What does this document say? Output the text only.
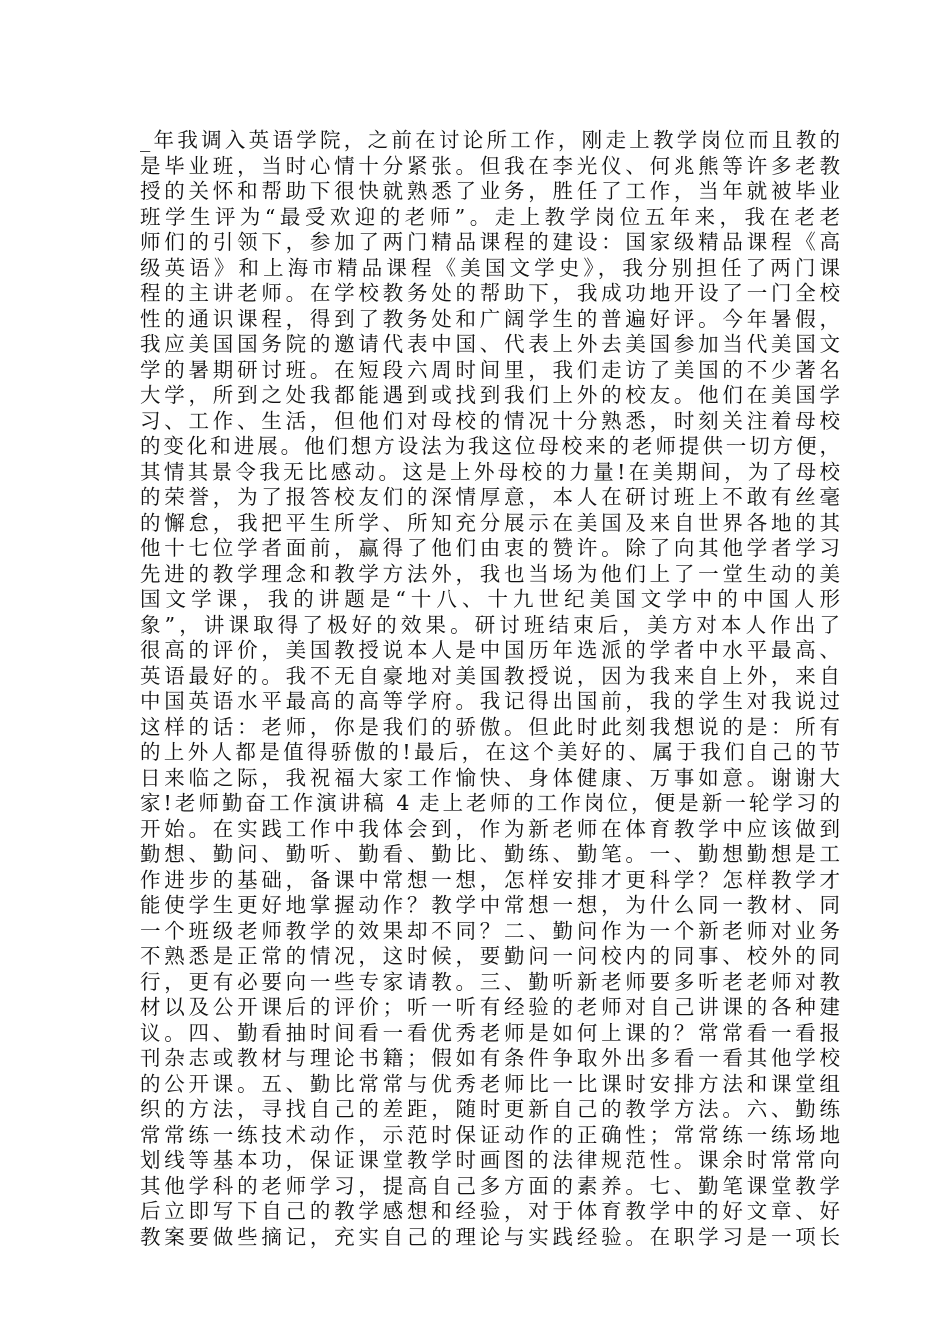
_年我调入英语学院，之前在讨论所工作，刚走上教学岗位而且教的
是毕业班，当时心情十分紧张。但我在李光仪、何兆熊等许多老教
授的关怀和帮助下很快就熟悉了业务，胜任了工作，当年就被毕业
班学生评为“最受欢迎的老师”。走上教学岗位五年来，我在老老
师们的引领下，参加了两门精品课程的建设：国家级精品课程《高
级英语》和上海市精品课程《美国文学史》，我分别担任了两门课
程的主讲老师。在学校教务处的帮助下，我成功地开设了一门全校
性的通识课程，得到了教务处和广阔学生的普遍好评。今年暑假，
我应美国国务院的邀请代表中国、代表上外去美国参加当代美国文
学的暑期研讨班。在短段六周时间里，我们走访了美国的不少著名
大学，所到之处我都能遇到或找到我们上外的校友。他们在美国学
习、工作、生活，但他们对母校的情况十分熟悉，时刻关注着母校
的变化和进展。他们想方设法为我这位母校来的老师提供一切方便，
其情其景令我无比感动。这是上外母校的力量!在美期间，为了母校
的荣誉，为了报答校友们的深情厚意，本人在研讨班上不敢有丝毫
的懈怠，我把平生所学、所知充分展示在美国及来自世界各地的其
他十七位学者面前，赢得了他们由衷的赞许。除了向其他学者学习
先进的教学理念和教学方法外，我也当场为他们上了一堂生动的美
国文学课，我的讲题是“十八、十九世纪美国文学中的中国人形
象”，讲课取得了极好的效果。研讨班结束后，美方对本人作出了
很高的评价，美国教授说本人是中国历年选派的学者中水平最高、
英语最好的。我不无自豪地对美国教授说，因为我来自上外，来自
中国英语水平最高的高等学府。我记得出国前，我的学生对我说过
这样的话：老师，你是我们的骄傲。但此时此刻我想说的是：所有
的上外人都是值得骄傲的!最后，在这个美好的、属于我们自己的节
日来临之际，我祝福大家工作愉快、身体健康、万事如意。谢谢大
家!老师勤奋工作演讲稿 4 走上老师的工作岗位，便是新一轮学习的
开始。在实践工作中我体会到，作为新老师在体育教学中应该做到
勤想、勤问、勤听、勤看、勤比、勤练、勤笔。一、勤想勤想是工
作进步的基础，备课中常想一想，怎样安排才更科学？怎样教学才
能使学生更好地掌握动作？教学中常想一想，为什么同一教材、同
一个班级老师教学的效果却不同？二、勤问作为一个新老师对业务
不熟悉是正常的情况，这时候，要勤问一问校内的同事、校外的同
行，更有必要向一些专家请教。三、勤听新老师要多听老老师对教
材以及公开课后的评价；听一听有经验的老师对自己讲课的各种建
议。四、勤看抽时间看一看优秀老师是如何上课的？常常看一看报
刊杂志或教材与理论书籍；假如有条件争取外出多看一看其他学校
的公开课。五、勤比常常与优秀老师比一比课时安排方法和课堂组
织的方法，寻找自己的差距，随时更新自己的教学方法。六、勤练
常常练一练技术动作，示范时保证动作的正确性；常常练一练场地
划线等基本功，保证课堂教学时画图的法律规范性。课余时常常向
其他学科的老师学习，提高自己多方面的素养。七、勤笔课堂教学
后立即写下自己的教学感想和经验，对于体育教学中的好文章、好
教案要做些摘记，充实自己的理论与实践经验。在职学习是一项长
